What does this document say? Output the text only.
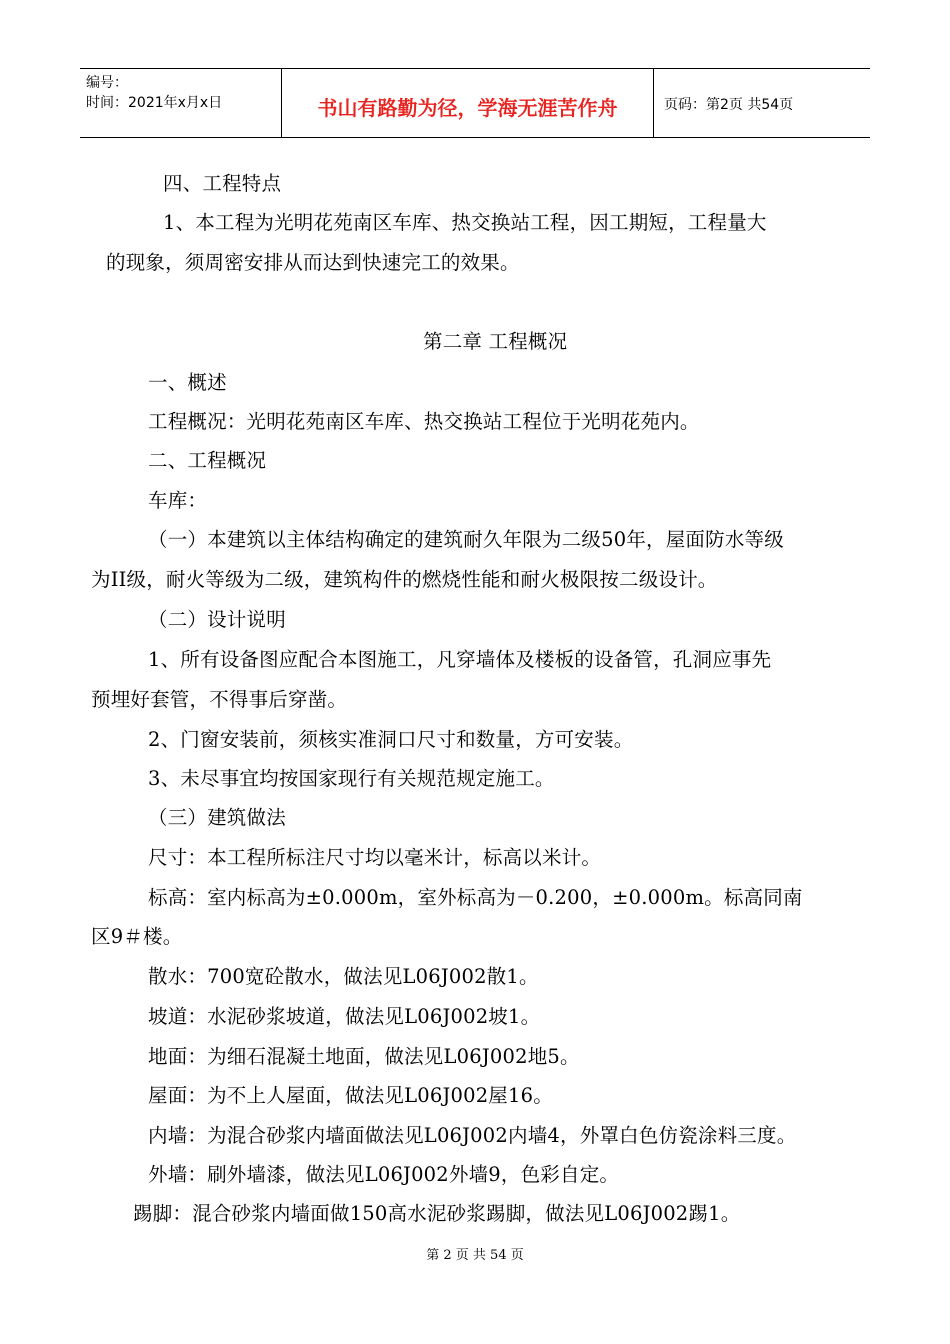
编号：
时间：2021年x月x日	书山有路勤为径，学海无涯苦作舟	页码：第2页 共54页
四、工程特点
1、本工程为光明花苑南区车库、热交换站工程，因工期短，工程量大
的现象，须周密安排从而达到快速完工的效果。
第二章 工程概况
一、概述
工程概况：光明花苑南区车库、热交换站工程位于光明花苑内。
二、工程概况
车库：
（一）本建筑以主体结构确定的建筑耐久年限为二级50年，屋面防水等级
为II级，耐火等级为二级，建筑构件的燃烧性能和耐火极限按二级设计。
（二）设计说明
1、所有设备图应配合本图施工，凡穿墙体及楼板的设备管，孔洞应事先
预埋好套管，不得事后穿凿。
2、门窗安装前，须核实准洞口尺寸和数量，方可安装。
3、未尽事宜均按国家现行有关规范规定施工。
（三）建筑做法
尺寸：本工程所标注尺寸均以毫米计，标高以米计。
标高：室内标高为±0.000m，室外标高为－0.200，±0.000m。标高同南
区9＃楼。
散水：700宽砼散水，做法见L06J002散1。
坡道：水泥砂浆坡道，做法见L06J002坡1。
地面：为细石混凝土地面，做法见L06J002地5。
屋面：为不上人屋面，做法见L06J002屋16。
内墙：为混合砂浆内墙面做法见L06J002内墙4，外罩白色仿瓷涂料三度。
外墙：刷外墙漆，做法见L06J002外墙9，色彩自定。
踢脚：混合砂浆内墙面做150高水泥砂浆踢脚，做法见L06J002踢1。
第 2 页 共 54 页
